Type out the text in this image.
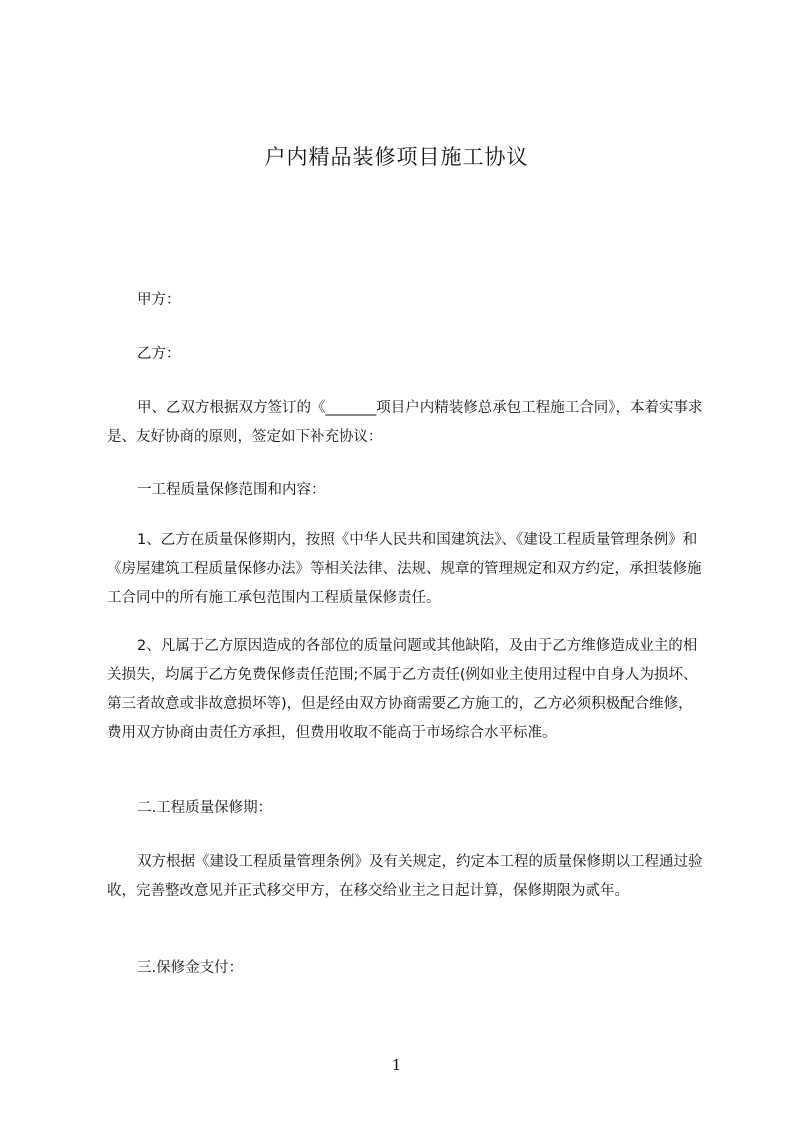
户内精品装修项目施工协议
甲方：
乙方：
甲、乙双方根据双方签订的《_______项目户内精装修总承包工程施工合同》，本着实事求是、友好协商的原则，签定如下补充协议：
一工程质量保修范围和内容：
1、乙方在质量保修期内，按照《中华人民共和国建筑法》、《建设工程质量管理条例》和《房屋建筑工程质量保修办法》等相关法律、法规、规章的管理规定和双方约定，承担装修施工合同中的所有施工承包范围内工程质量保修责任。
2、凡属于乙方原因造成的各部位的质量问题或其他缺陷，及由于乙方维修造成业主的相关损失，均属于乙方免费保修责任范围;不属于乙方责任(例如业主使用过程中自身人为损坏、第三者故意或非故意损坏等)，但是经由双方协商需要乙方施工的，乙方必须积极配合维修，费用双方协商由责任方承担，但费用收取不能高于市场综合水平标准。
二.工程质量保修期：
双方根据《建设工程质量管理条例》及有关规定，约定本工程的质量保修期以工程通过验收，完善整改意见并正式移交甲方，在移交给业主之日起计算，保修期限为贰年。
三.保修金支付：
1
